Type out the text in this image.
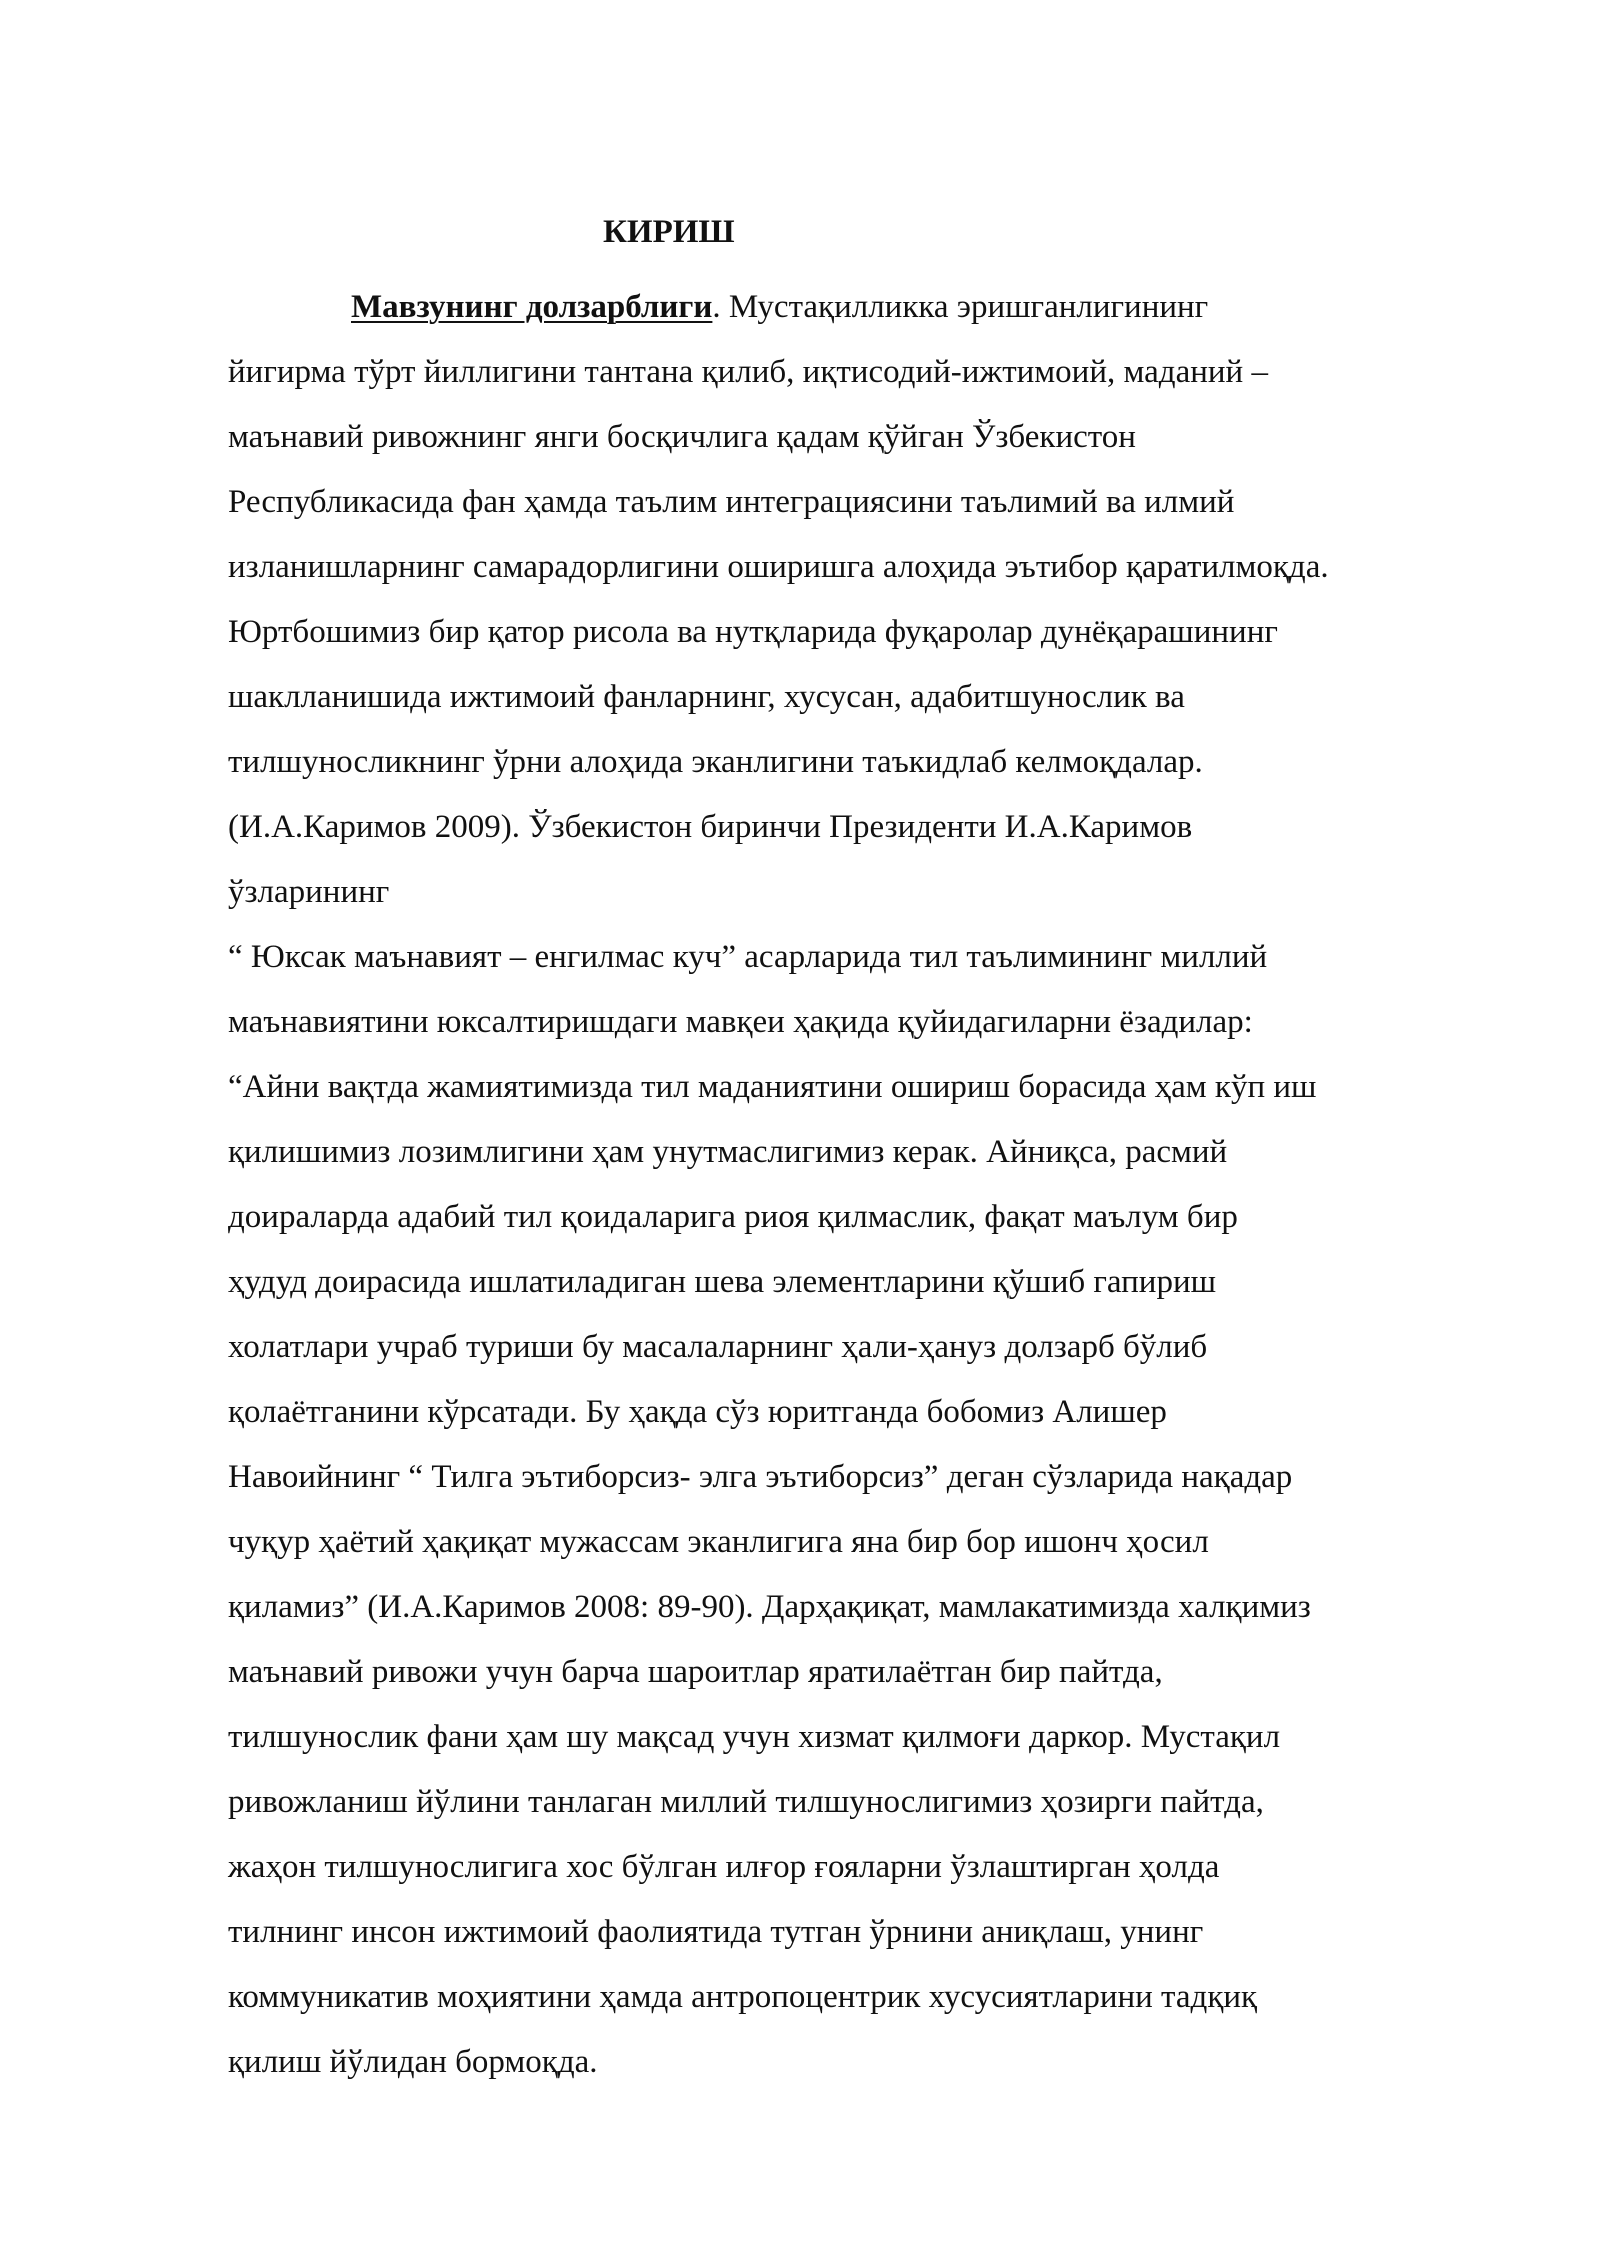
КИРИШ
Мавзунинг долзарблиги. Мустақилликка эришганлигининг
йигирма тўрт йиллигини тантана қилиб, иқтисодий-ижтимоий, маданий –
маънавий ривожнинг янги босқичлига қадам қўйган Ўзбекистон
Республикасида фан ҳамда таълим интеграциясини таълимий ва илмий
изланишларнинг самарадорлигини оширишга алоҳида эътибор қаратилмоқда.
Юртбошимиз бир қатор рисола ва нутқларида фуқаролар дунёқарашининг
шаклланишида ижтимоий фанларнинг, хусусан, адабитшунослик ва
тилшуносликнинг ўрни алоҳида эканлигини таъкидлаб келмоқдалар.
(И.А.Каримов 2009). Ўзбекистон биринчи Президенти И.А.Каримов
ўзларининг
“ Юксак маънавият – енгилмас куч” асарларида тил таълимининг миллий
маънавиятини юксалтиришдаги мавқеи ҳақида қуйидагиларни ёзадилар:
“Айни вақтда жамиятимизда тил маданиятини ошириш борасида ҳам кўп иш
қилишимиз лозимлигини ҳам унутмаслигимиз керак. Айниқса, расмий
доираларда адабий тил қоидаларига риоя қилмаслик, фақат маълум бир
ҳудуд доирасида ишлатиладиган шева элементларини қўшиб гапириш
холатлари учраб туриши бу масалаларнинг ҳали-ҳануз долзарб бўлиб
қолаётганини кўрсатади. Бу ҳақда сўз юритганда бобомиз Алишер
Навоийнинг “ Тилга эътиборсиз- элга эътиборсиз” деган сўзларида нақадар
чуқур ҳаётий ҳақиқат мужассам эканлигига яна бир бор ишонч ҳосил
қиламиз” (И.А.Каримов 2008: 89-90). Дарҳақиқат, мамлакатимизда халқимиз
маънавий ривожи учун барча шароитлар яратилаётган бир пайтда,
тилшунослик фани ҳам шу мақсад учун хизмат қилмоғи даркор. Мустақил
ривожланиш йўлини танлаган миллий тилшунослигимиз ҳозирги пайтда,
жаҳон тилшунослигига хос бўлган илғор ғояларни ўзлаштирган ҳолда
тилнинг инсон ижтимоий фаолиятида тутган ўрнини аниқлаш, унинг
коммуникатив моҳиятини ҳамда антропоцентрик хусусиятларини тадқиқ
қилиш йўлидан бормоқда.
